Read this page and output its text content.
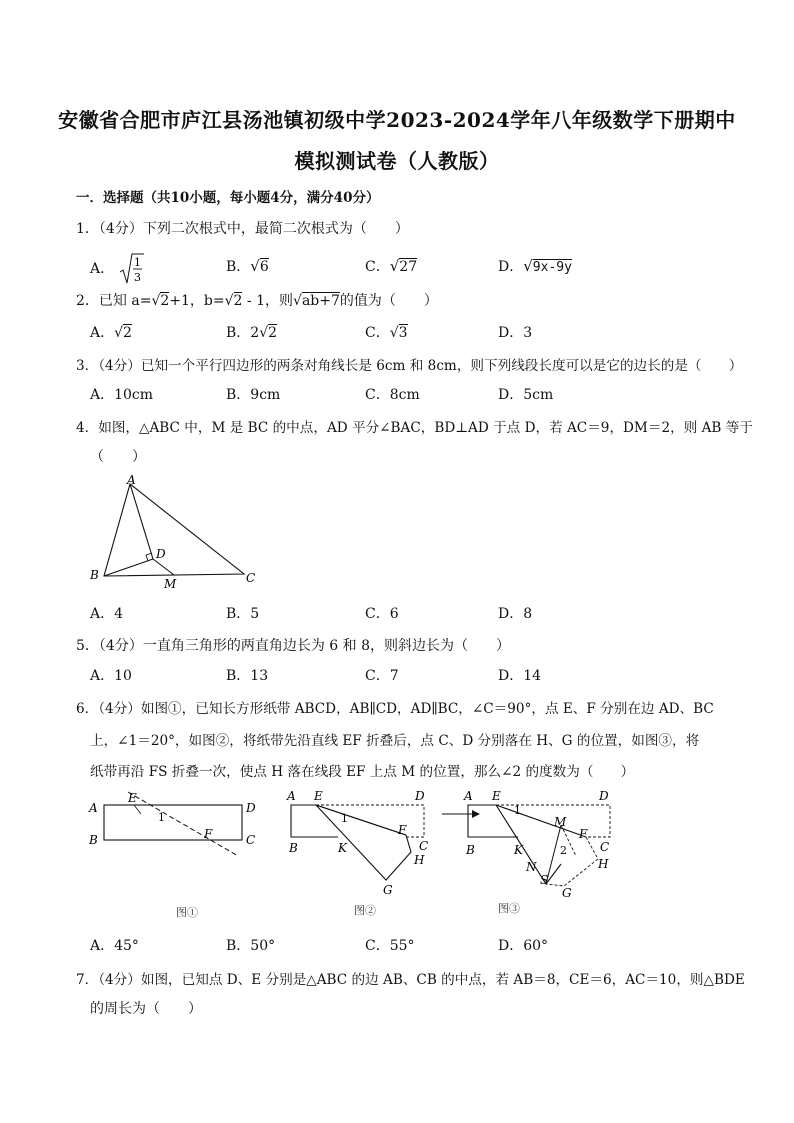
安徽省合肥市庐江县汤池镇初级中学2023-2024学年八年级数学下册期中
模拟测试卷（人教版）
一．选择题（共10小题，每小题4分，满分40分）
1．（4分）下列二次根式中，最简二次根式为（　　）
A． 1
3
B．√6	C．√27	D．√9x-9y
2．已知 a=√2+1，b=√2 - 1，则√ab+7的值为（　　）
A．√2	B．2√2	C．√3	D．3
3．（4分）已知一个平行四边形的两条对角线长是 6cm 和 8cm，则下列线段长度可以是它的边长的是（　　）
A．10cm	B．9cm	C．8cm	D．5cm
4．如图，△ABC 中，M 是 BC 的中点，AD 平分∠BAC，BD⊥AD 于点 D，若 AC＝9，DM＝2，则 AB 等于
（　　）
A
B	C
D
M
A．4	B．5	C．6	D．8
5．（4分）一直角三角形的两直角边长为 6 和 8，则斜边长为（　　）
A．10	B．13	C．7	D．14
6．（4分）如图①，已知长方形纸带 ABCD，AB∥CD，AD∥BC，∠C＝90°，点 E、F 分别在边 AD、BC
上，∠1＝20°，如图②，将纸带先沿直线 EF 折叠后，点 C、D 分别落在 H、G 的位置，如图③，将
纸带再沿 FS 折叠一次，使点 H 落在线段 EF 上点 M 的位置，那么∠2 的度数为（　　）
A
B	C
D
E
F
1
图①
A E	D
B	K
F
C
H
G
1
图②
A E	D
B	K
M
F
C
H
N
S
G
1
2
图③
A．45°	B．50°	C．55°	D．60°
7．（4分）如图，已知点 D、E 分别是△ABC 的边 AB、CB 的中点，若 AB＝8，CE＝6，AC＝10，则△BDE
的周长为（　　）
